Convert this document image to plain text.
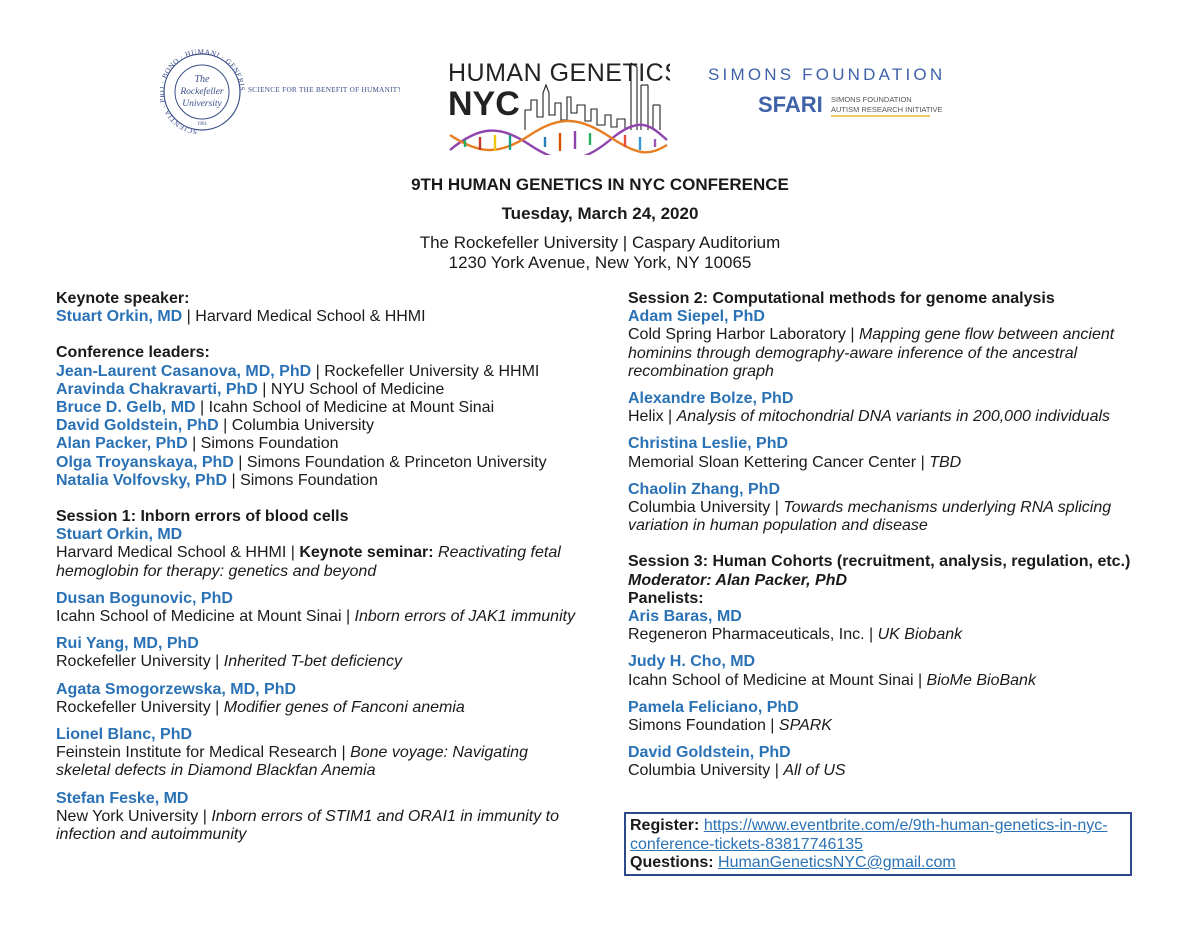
SCIENTIA · BONO · HUMANI · GENERIS
The
Rockefeller
University
1901
SCIENCE FOR THE BENEFIT OF HUMANITY
HUMAN GENETICS
NYC
SIMONS FOUNDATION
SFARI SIMONS FOUNDATION
AUTISM RESEARCH INITIATIVE
9TH HUMAN GENETICS IN NYC CONFERENCE
Tuesday, March 24, 2020
The Rockefeller University | Caspary Auditorium
1230 York Avenue, New York, NY 10065
Keynote speaker:
Stuart Orkin, MD | Harvard Medical School & HHMI
Conference leaders:
Jean-Laurent Casanova, MD, PhD | Rockefeller University & HHMI
Aravinda Chakravarti, PhD | NYU School of Medicine
Bruce D. Gelb, MD | Icahn School of Medicine at Mount Sinai
David Goldstein, PhD | Columbia University
Alan Packer, PhD | Simons Foundation
Olga Troyanskaya, PhD | Simons Foundation & Princeton University
Natalia Volfovsky, PhD | Simons Foundation
Session 1: Inborn errors of blood cells
Stuart Orkin, MD
Harvard Medical School & HHMI | Keynote seminar: Reactivating fetal
hemoglobin for therapy: genetics and beyond
Dusan Bogunovic, PhD
Icahn School of Medicine at Mount Sinai | Inborn errors of JAK1 immunity
Rui Yang, MD, PhD
Rockefeller University | Inherited T-bet deficiency
Agata Smogorzewska, MD, PhD
Rockefeller University | Modifier genes of Fanconi anemia
Lionel Blanc, PhD
Feinstein Institute for Medical Research | Bone voyage: Navigating
skeletal defects in Diamond Blackfan Anemia
Stefan Feske, MD
New York University | Inborn errors of STIM1 and ORAI1 in immunity to
infection and autoimmunity
Session 2: Computational methods for genome analysis
Adam Siepel, PhD
Cold Spring Harbor Laboratory | Mapping gene flow between ancient
hominins through demography-aware inference of the ancestral
recombination graph
Alexandre Bolze, PhD
Helix | Analysis of mitochondrial DNA variants in 200,000 individuals
Christina Leslie, PhD
Memorial Sloan Kettering Cancer Center | TBD
Chaolin Zhang, PhD
Columbia University | Towards mechanisms underlying RNA splicing
variation in human population and disease
Session 3: Human Cohorts (recruitment, analysis, regulation, etc.)
Moderator: Alan Packer, PhD
Panelists:
Aris Baras, MD
Regeneron Pharmaceuticals, Inc. | UK Biobank
Judy H. Cho, MD
Icahn School of Medicine at Mount Sinai | BioMe BioBank
Pamela Feliciano, PhD
Simons Foundation | SPARK
David Goldstein, PhD
Columbia University | All of US
Register: https://www.eventbrite.com/e/9th-human-genetics-in-nyc-
conference-tickets-83817746135
Questions: HumanGeneticsNYC@gmail.com
